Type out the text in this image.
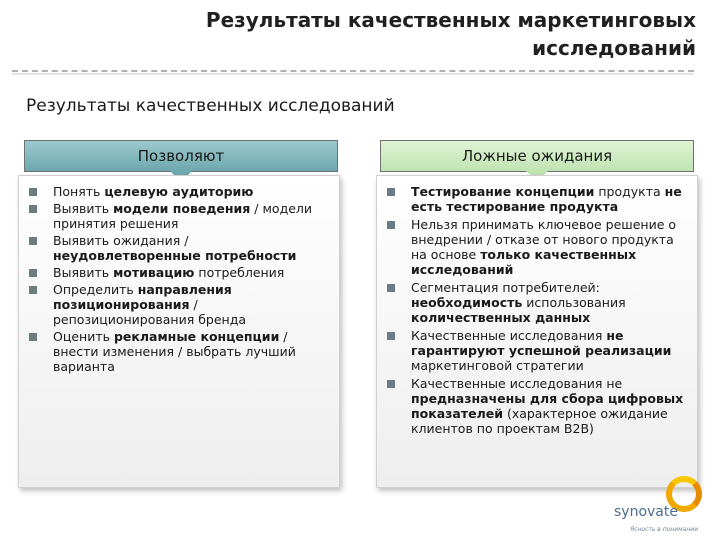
Результаты качественных маркетинговых исследований
Результаты качественных исследований
Позволяют	Ложные ожидания
Понять целевую аудиторию
Выявить модели поведения / модели принятия решения
Выявить ожидания / неудовлетворенные потребности
Выявить мотивацию потребления
Определить направления позиционирования / репозиционирования бренда
Оценить рекламные концепции / внести изменения / выбрать лучший варианта
Тестирование концепции продукта не есть тестирование продукта
Нельзя принимать ключевое решение о внедрении / отказе от нового продукта на основе только качественных исследований
Сегментация потребителей: необходимость использования количественных данных
Качественные исследования не гарантируют успешной реализации маркетинговой стратегии
Качественные исследования не предназначены для сбора цифровых показателей (характерное ожидание клиентов по проектам B2B)
synovate
Ясность в понимании
